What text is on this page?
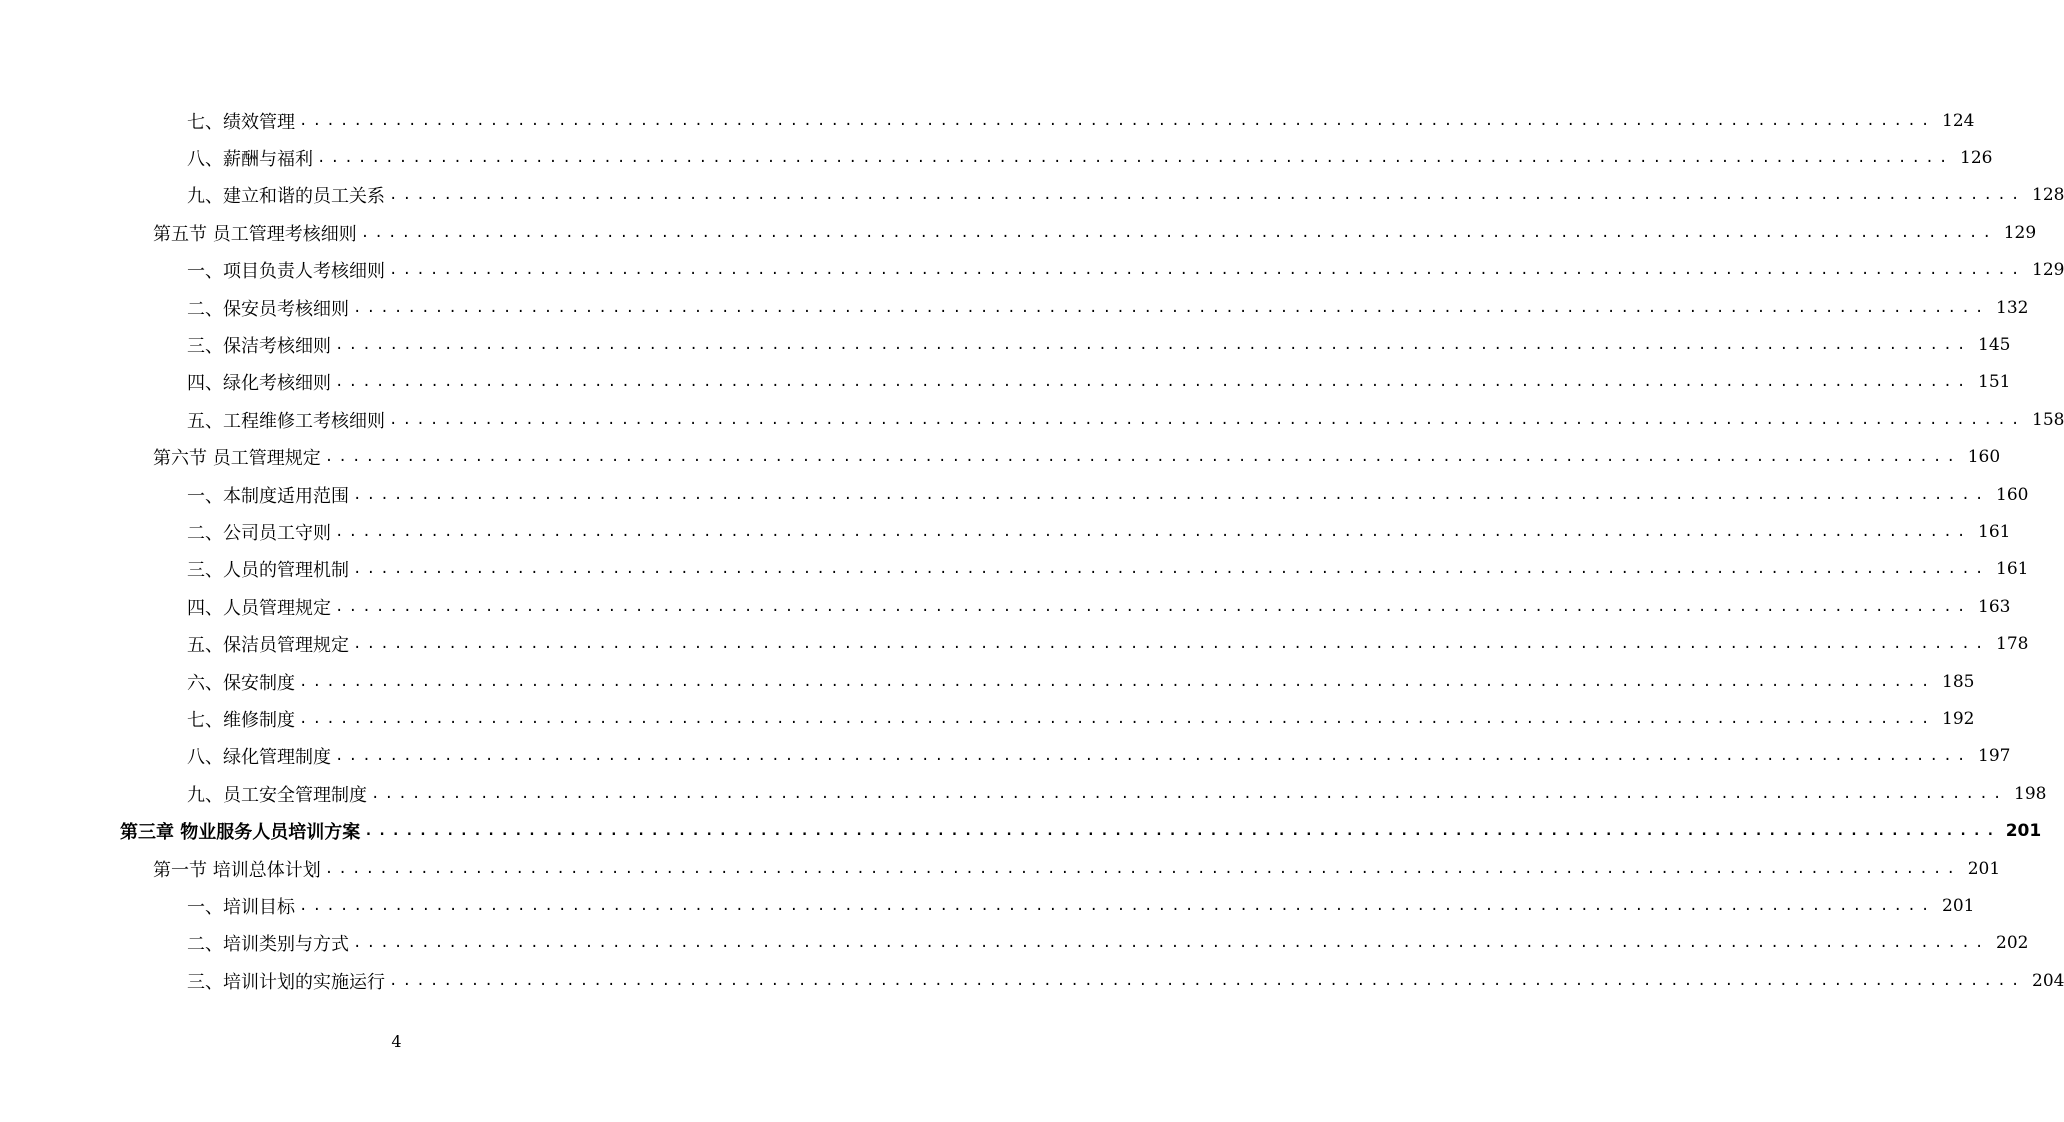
七、绩效管理 ........................................................................................................................ 124
八、薪酬与福利 ........................................................................................................................ 126
九、建立和谐的员工关系 ........................................................................................................................ 128
第五节 员工管理考核细则 ........................................................................................................................ 129
一、项目负责人考核细则 ........................................................................................................................ 129
二、保安员考核细则 ........................................................................................................................ 132
三、保洁考核细则 ........................................................................................................................ 145
四、绿化考核细则 ........................................................................................................................ 151
五、工程维修工考核细则 ........................................................................................................................ 158
第六节 员工管理规定 ........................................................................................................................ 160
一、本制度适用范围 ........................................................................................................................ 160
二、公司员工守则 ........................................................................................................................ 161
三、人员的管理机制 ........................................................................................................................ 161
四、人员管理规定 ........................................................................................................................ 163
五、保洁员管理规定 ........................................................................................................................ 178
六、保安制度 ........................................................................................................................ 185
七、维修制度 ........................................................................................................................ 192
八、绿化管理制度 ........................................................................................................................ 197
九、员工安全管理制度 ........................................................................................................................ 198
第三章 物业服务人员培训方案 ........................................................................................................................ 201
第一节 培训总体计划 ........................................................................................................................ 201
一、培训目标 ........................................................................................................................ 201
二、培训类别与方式 ........................................................................................................................ 202
三、培训计划的实施运行 ........................................................................................................................ 204
4
